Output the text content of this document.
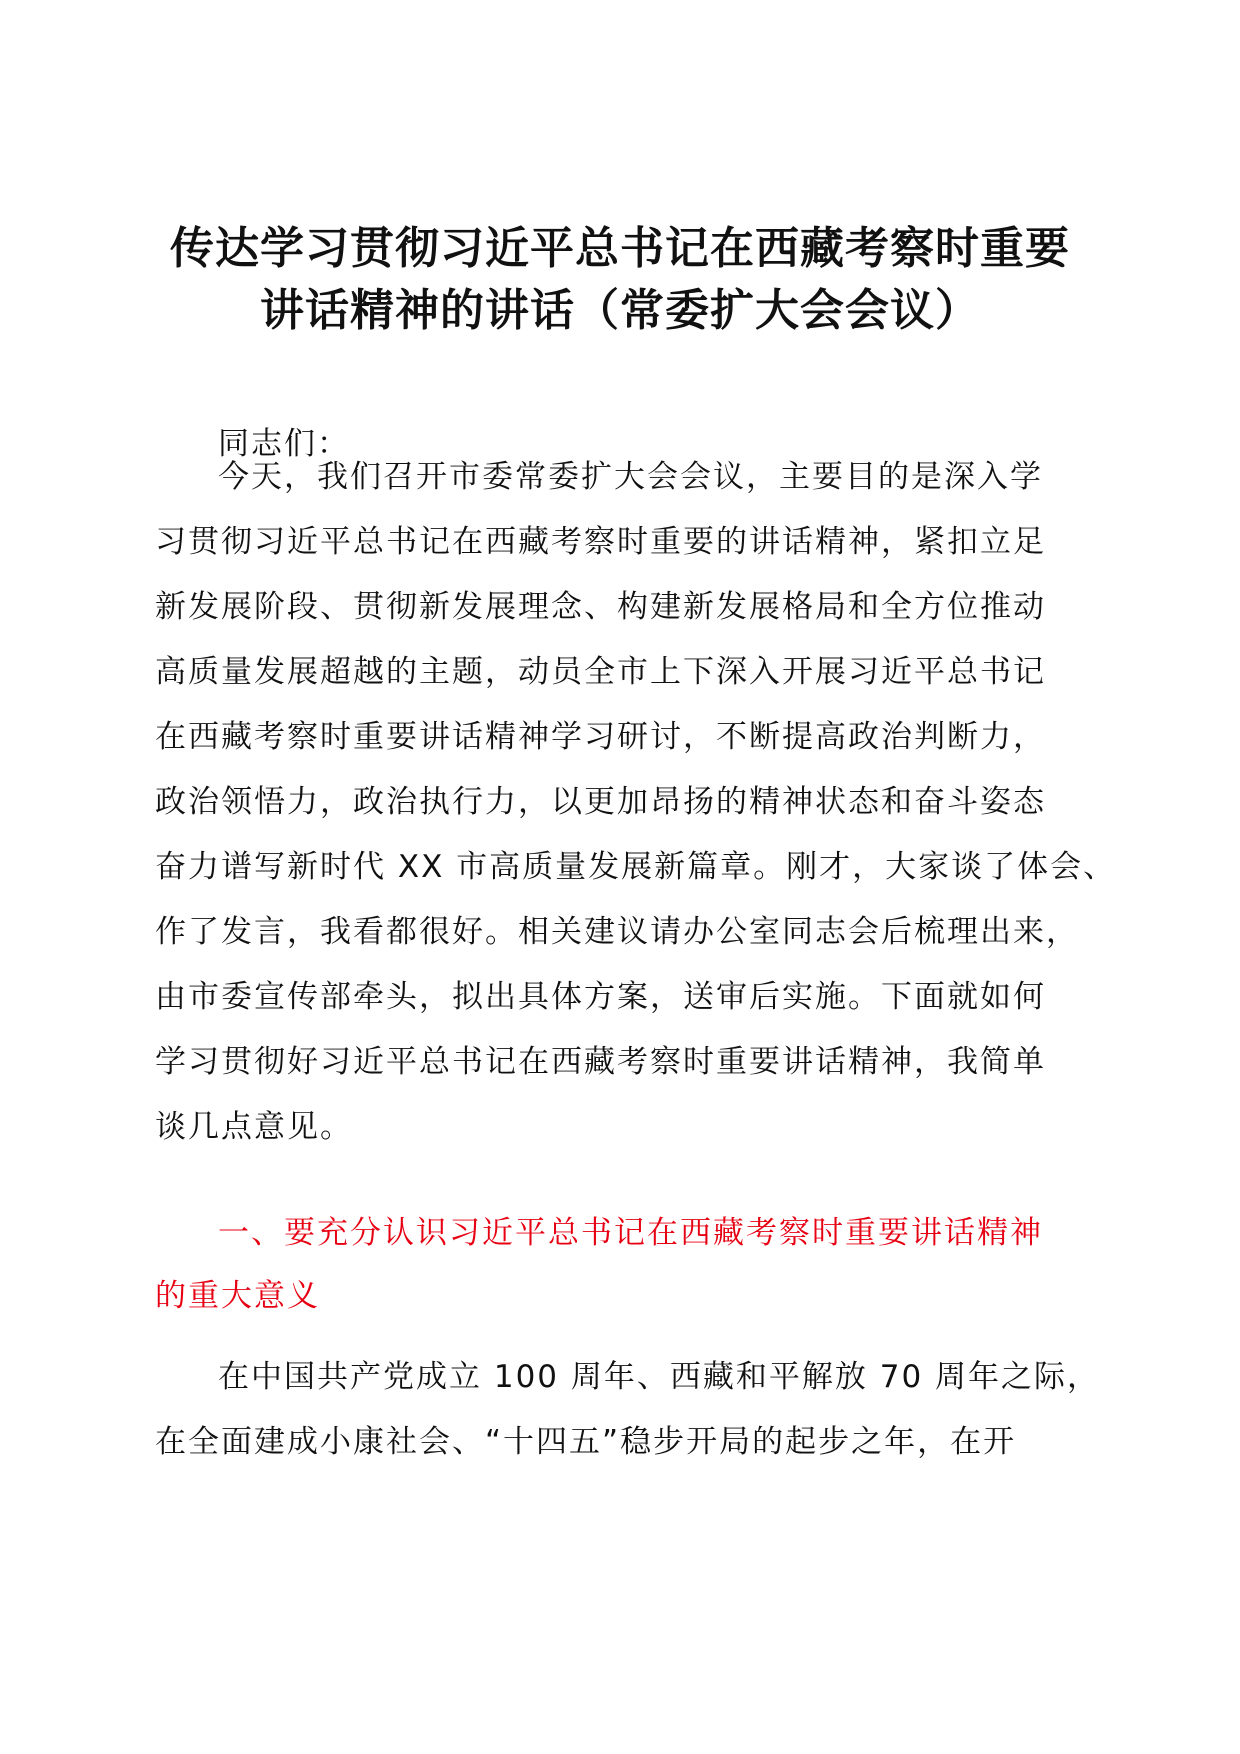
传达学习贯彻习近平总书记在西藏考察时重要
讲话精神的讲话（常委扩大会会议）
同志们：
今天，我们召开市委常委扩大会会议，主要目的是深入学
习贯彻习近平总书记在西藏考察时重要的讲话精神，紧扣立足
新发展阶段、贯彻新发展理念、构建新发展格局和全方位推动
高质量发展超越的主题，动员全市上下深入开展习近平总书记
在西藏考察时重要讲话精神学习研讨，不断提高政治判断力，
政治领悟力，政治执行力，以更加昂扬的精神状态和奋斗姿态
奋力谱写新时代 XX 市高质量发展新篇章。刚才，大家谈了体会、
作了发言，我看都很好。相关建议请办公室同志会后梳理出来，
由市委宣传部牵头，拟出具体方案，送审后实施。下面就如何
学习贯彻好习近平总书记在西藏考察时重要讲话精神，我简单
谈几点意见。
一、要充分认识习近平总书记在西藏考察时重要讲话精神
的重大意义
在中国共产党成立 100 周年、西藏和平解放 70 周年之际，
在全面建成小康社会、“十四五”稳步开局的起步之年，在开
